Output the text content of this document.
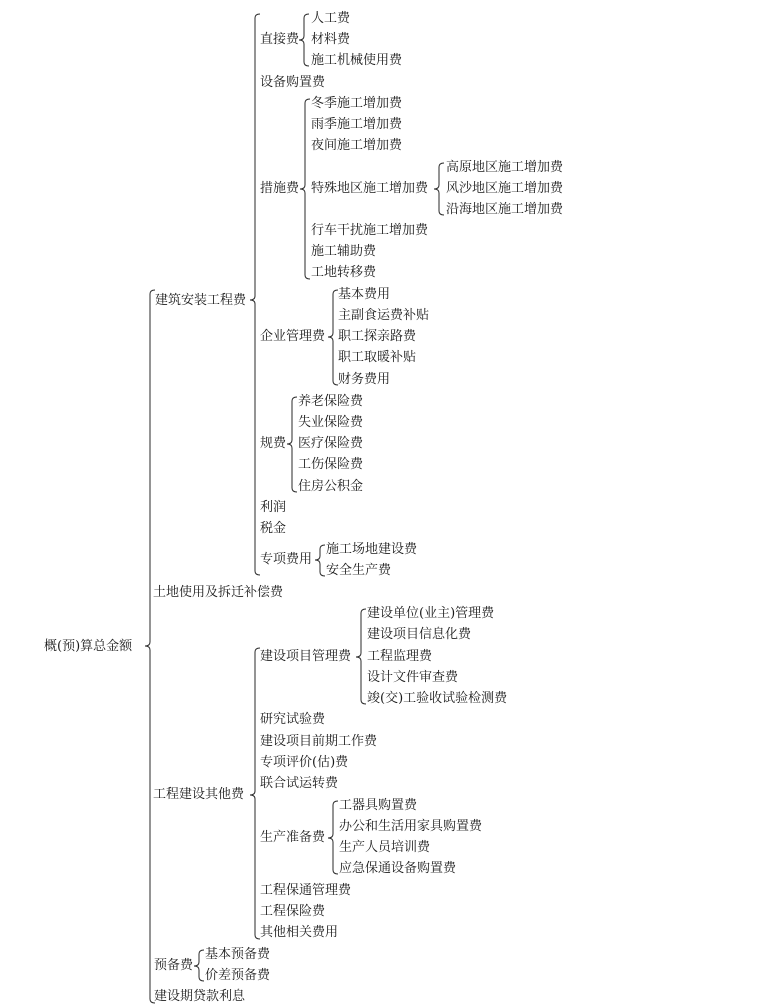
概(预)算总金额
建筑安装工程费
土地使用及拆迁补偿费
工程建设其他费
预备费
建设期贷款利息
直接费
人工费
材料费
施工机械使用费
设备购置费
措施费
冬季施工增加费
雨季施工增加费
夜间施工增加费
特殊地区施工增加费
高原地区施工增加费
风沙地区施工增加费
沿海地区施工增加费
行车干扰施工增加费
施工辅助费
工地转移费
企业管理费
基本费用
主副食运费补贴
职工探亲路费
职工取暖补贴
财务费用
规费
养老保险费
失业保险费
医疗保险费
工伤保险费
住房公积金
利润
税金
专项费用
施工场地建设费
安全生产费
建设项目管理费
建设单位(业主)管理费
建设项目信息化费
工程监理费
设计文件审查费
竣(交)工验收试验检测费
研究试验费
建设项目前期工作费
专项评价(估)费
联合试运转费
生产准备费
工器具购置费
办公和生活用家具购置费
生产人员培训费
应急保通设备购置费
工程保通管理费
工程保险费
其他相关费用
基本预备费
价差预备费
